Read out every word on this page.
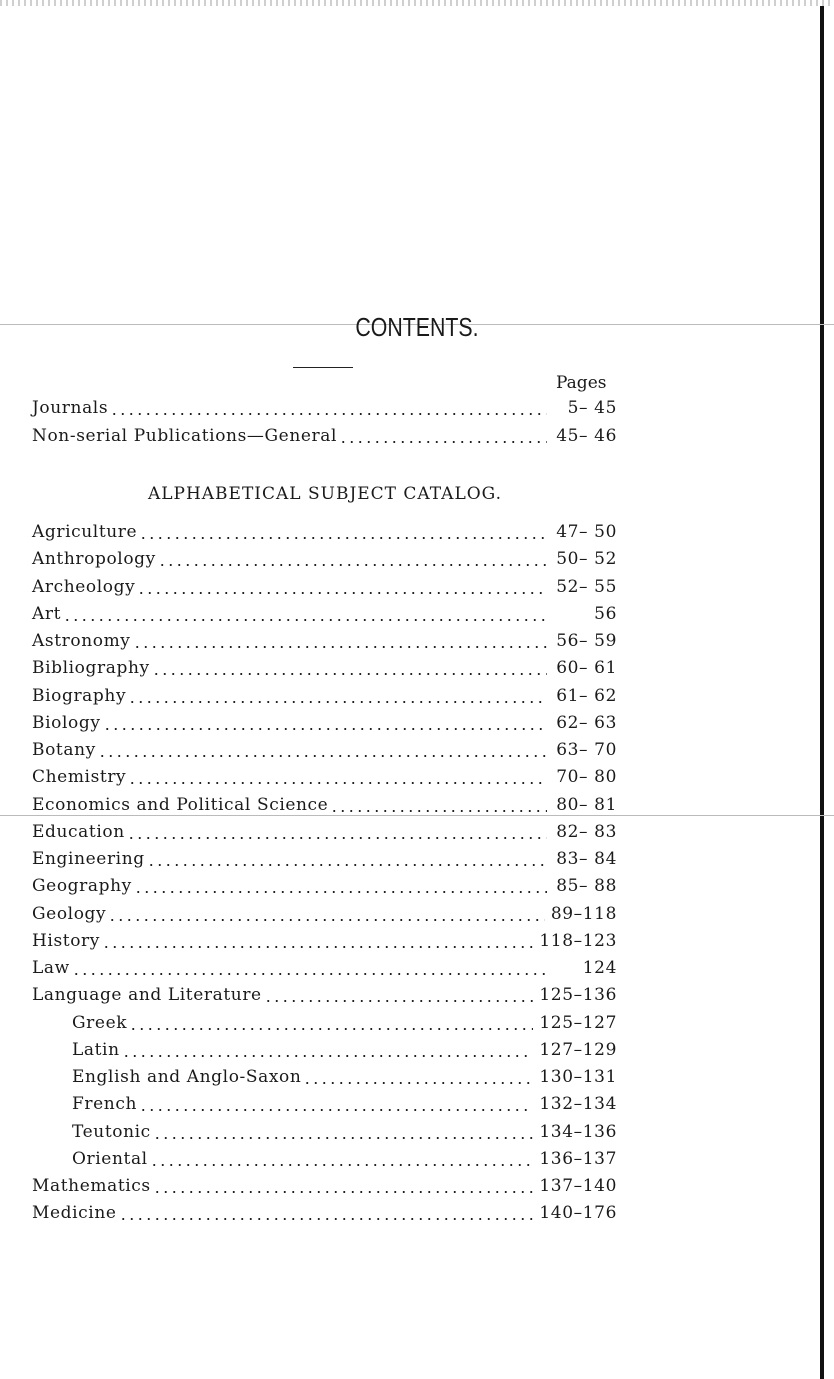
CONTENTS.
Pages
Journals	5– 45
Non-serial Publications—General	45– 46
ALPHABETICAL SUBJECT CATALOG.
Agriculture	47– 50
Anthropology	50– 52
Archeology	52– 55
Art	56
Astronomy	56– 59
Bibliography	60– 61
Biography	61– 62
Biology	62– 63
Botany	63– 70
Chemistry	70– 80
Economics and Political Science	80– 81
Education	82– 83
Engineering	83– 84
Geography	85– 88
Geology	89–118
History	118–123
Law	124
Language and Literature	125–136
Greek	125–127
Latin	127–129
English and Anglo-Saxon	130–131
French	132–134
Teutonic	134–136
Oriental	136–137
Mathematics	137–140
Medicine	140–176
